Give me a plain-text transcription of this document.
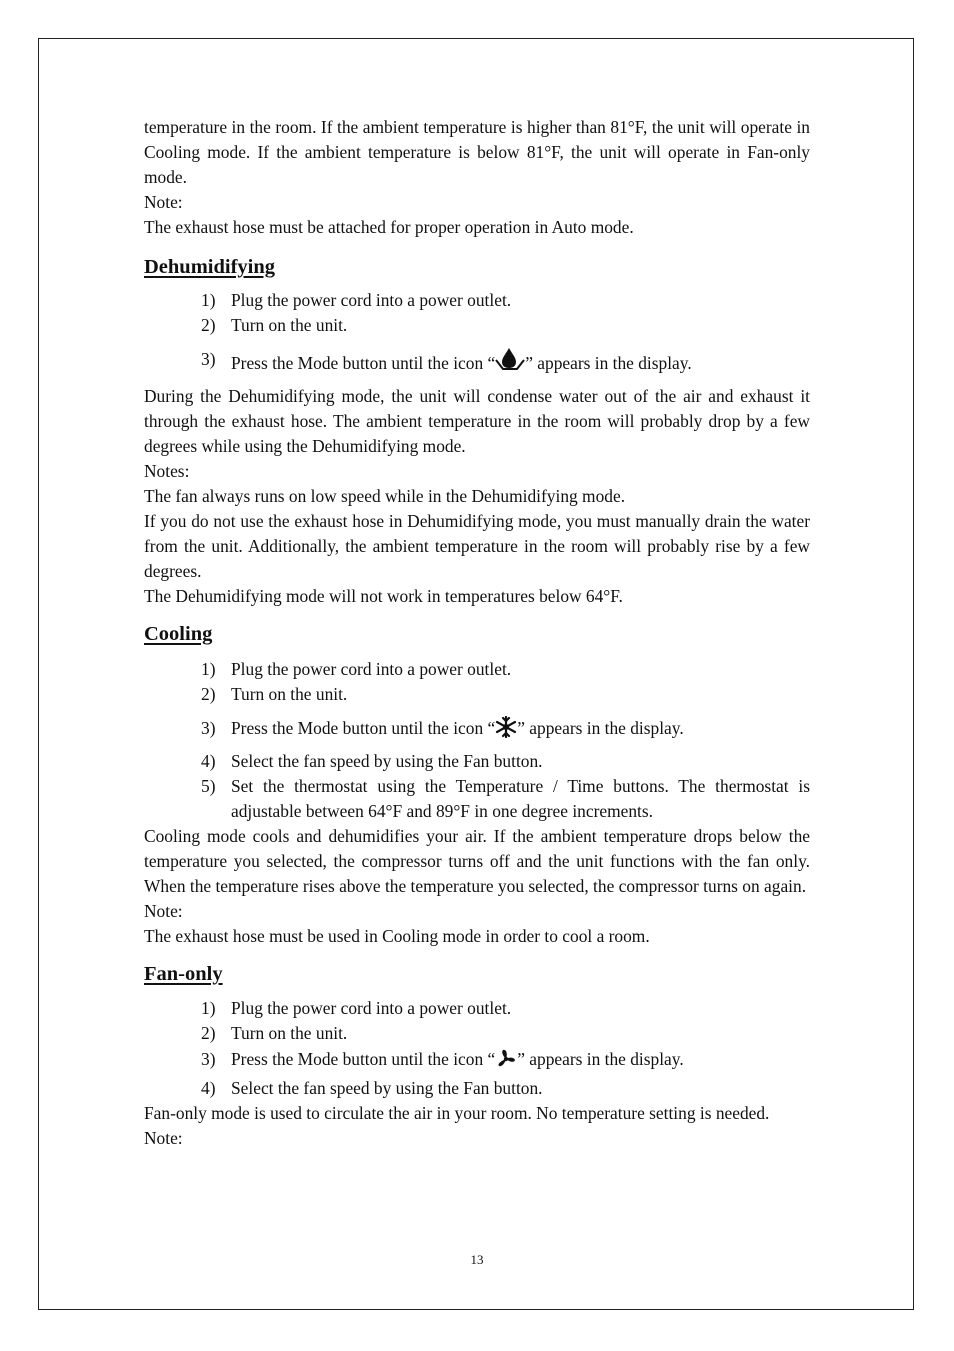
temperature in the room. If the ambient temperature is higher than 81°F, the unit will operate in Cooling mode. If the ambient temperature is below 81°F, the unit will operate in Fan-only mode.

Note:

The exhaust hose must be attached for proper operation in Auto mode.

Dehumidifying
1) Plug the power cord into a power outlet.
2) Turn on the unit.
3) Press the Mode button until the icon “ ” appears in the display.

During the Dehumidifying mode, the unit will condense water out of the air and exhaust it through the exhaust hose. The ambient temperature in the room will probably drop by a few degrees while using the Dehumidifying mode.

Notes:

The fan always runs on low speed while in the Dehumidifying mode.

If you do not use the exhaust hose in Dehumidifying mode, you must manually drain the water from the unit. Additionally, the ambient temperature in the room will probably rise by a few degrees.

The Dehumidifying mode will not work in temperatures below 64°F.

Cooling
1) Plug the power cord into a power outlet.
2) Turn on the unit.
3) Press the Mode button until the icon “ ” appears in the display.
4) Select the fan speed by using the Fan button.
5) Set the thermostat using the Temperature / Time buttons. The thermostat is adjustable between 64°F and 89°F in one degree increments.

Cooling mode cools and dehumidifies your air. If the ambient temperature drops below the temperature you selected, the compressor turns off and the unit functions with the fan only. When the temperature rises above the temperature you selected, the compressor turns on again.

Note:

The exhaust hose must be used in Cooling mode in order to cool a room.

Fan-only
1) Plug the power cord into a power outlet.
2) Turn on the unit.
3) Press the Mode button until the icon “ ” appears in the display.
4) Select the fan speed by using the Fan button.

Fan-only mode is used to circulate the air in your room. No temperature setting is needed.

Note:

13
